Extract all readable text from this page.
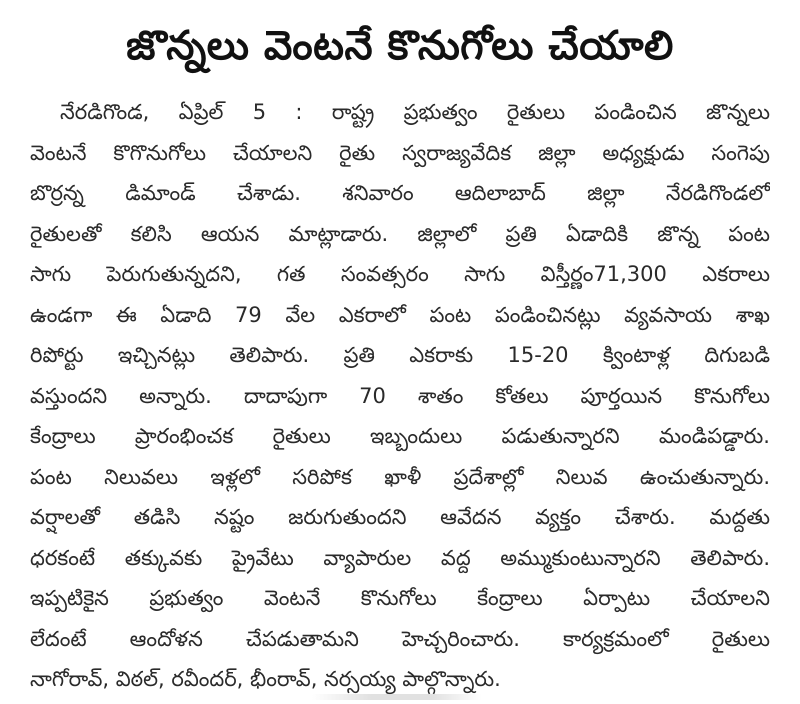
జొన్నలు వెంటనే కొనుగోలు చేయాలి
నేరడిగొండ, ఏప్రిల్ 5 : రాష్ట్ర ప్రభుత్వం రైతులు పండించిన జొన్నలు
వెంటనే కొగొనుగోలు చేయాలని రైతు స్వరాజ్యవేదిక జిల్లా అధ్యక్షుడు సంగెపు
బొర్రన్న డిమాండ్ చేశాడు. శనివారం ఆదిలాబాద్ జిల్లా నేరడిగొండలో
రైతులతో కలిసి ఆయన మాట్లాడారు. జిల్లాలో ప్రతి ఏడాదికి జొన్న పంట
సాగు పెరుగుతున్నదని, గత సంవత్సరం సాగు విస్తీర్ణం71,300 ఎకరాలు
ఉండగా ఈ ఏడాది 79 వేల ఎకరాలో పంట పండించినట్లు వ్యవసాయ శాఖ
రిపోర్టు ఇచ్చినట్లు తెలిపారు. ప్రతి ఎకరాకు 15-20 క్వింటాళ్ల దిగుబడి
వస్తుందని అన్నారు. దాదాపుగా 70 శాతం కోతలు పూర్తయిన కొనుగోలు
కేంద్రాలు ప్రారంభించక రైతులు ఇబ్బందులు పడుతున్నారని మండిపడ్డారు.
పంట నిలువలు ఇళ్లలో సరిపోక ఖాళీ ప్రదేశాల్లో నిలువ ఉంచుతున్నారు.
వర్షాలతో తడిసి నష్టం జరుగుతుందని ఆవేదన వ్యక్తం చేశారు. మద్దతు
ధరకంటే తక్కువకు ప్రైవేటు వ్యాపారుల వద్ద అమ్ముకుంటున్నారని తెలిపారు.
ఇప్పటికైన ప్రభుత్వం వెంటనే కొనుగోలు కేంద్రాలు ఏర్పాటు చేయాలని
లేదంటే ఆందోళన చేపడుతామని హెచ్చరించారు. కార్యక్రమంలో రైతులు
నాగోరావ్, విఠల్, రవీందర్, భీంరావ్, నర్సయ్య పాల్గొన్నారు.
